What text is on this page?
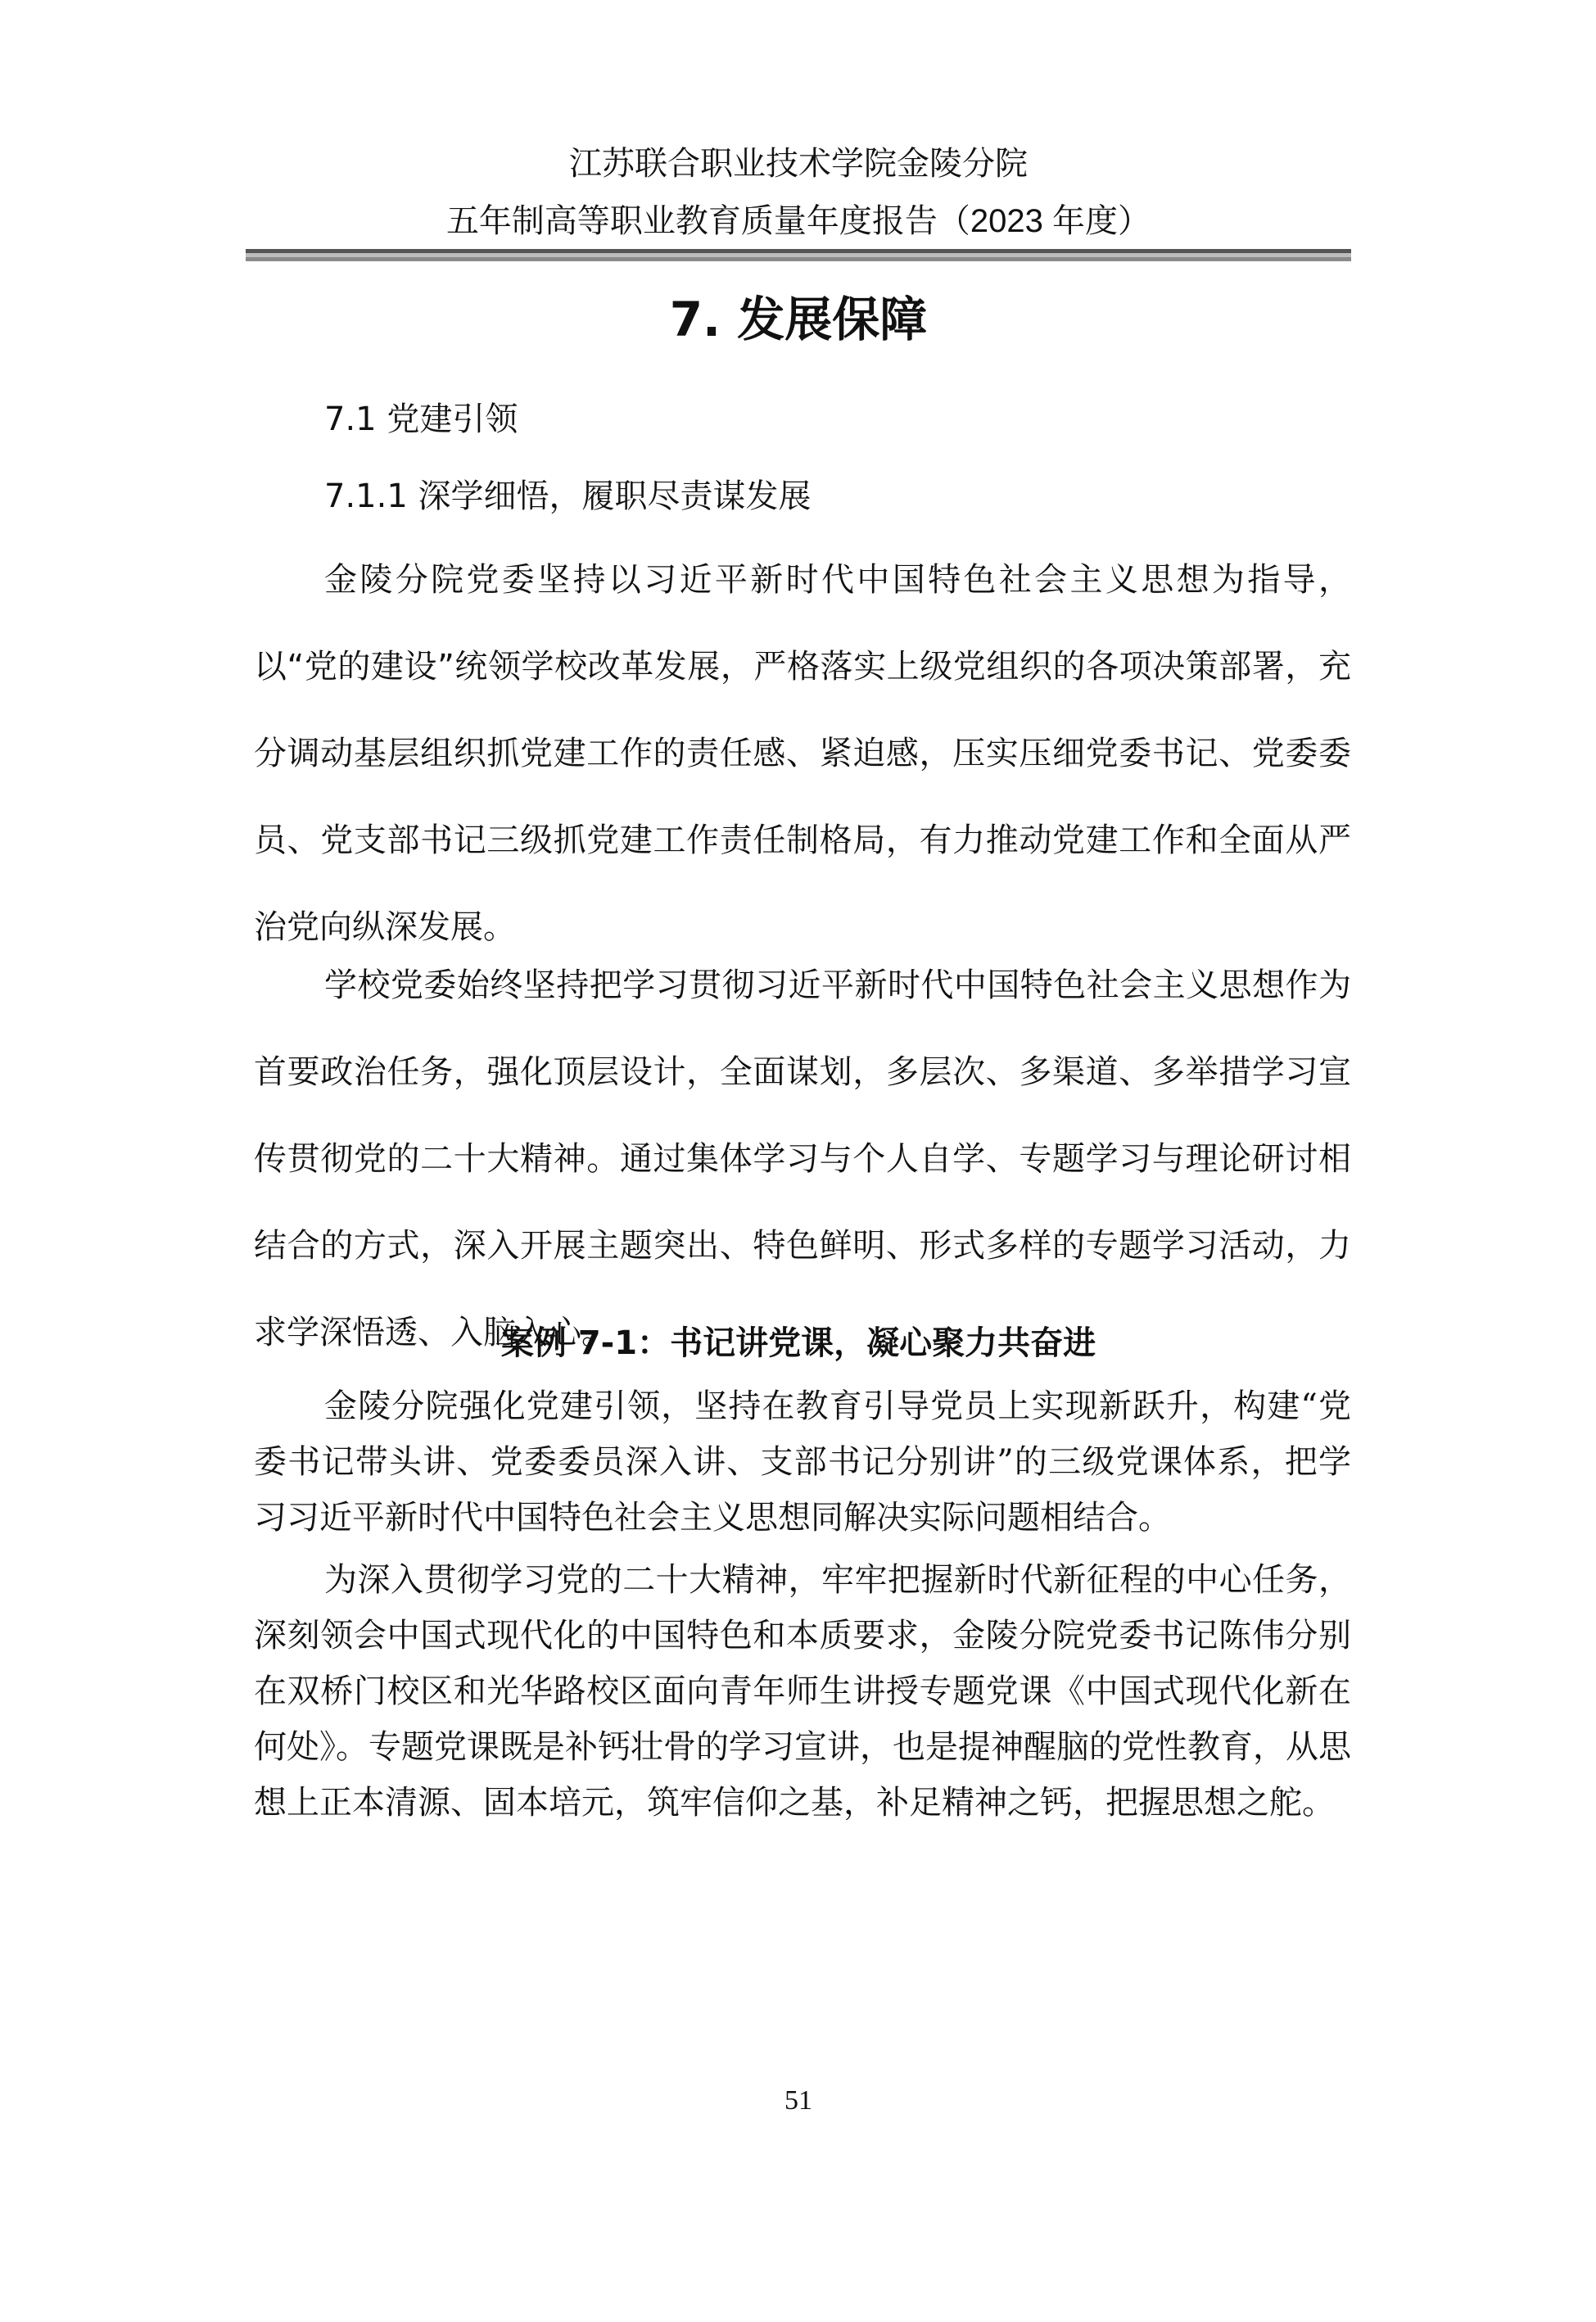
江苏联合职业技术学院金陵分院
五年制高等职业教育质量年度报告（2023 年度）
7. 发展保障
7.1 党建引领
7.1.1 深学细悟，履职尽责谋发展

金陵分院党委坚持以习近平新时代中国特色社会主义思想为指导，以“党的建设”统领学校改革发展，严格落实上级党组织的各项决策部署，充分调动基层组织抓党建工作的责任感、紧迫感，压实压细党委书记、党委委员、党支部书记三级抓党建工作责任制格局，有力推动党建工作和全面从严治党向纵深发展。

学校党委始终坚持把学习贯彻习近平新时代中国特色社会主义思想作为首要政治任务，强化顶层设计，全面谋划，多层次、多渠道、多举措学习宣传贯彻党的二十大精神。通过集体学习与个人自学、专题学习与理论研讨相结合的方式，深入开展主题突出、特色鲜明、形式多样的专题学习活动，力求学深悟透、入脑入心。

案例 7-1：书记讲党课，凝心聚力共奋进

金陵分院强化党建引领，坚持在教育引导党员上实现新跃升，构建“党委书记带头讲、党委委员深入讲、支部书记分别讲”的三级党课体系，把学习习近平新时代中国特色社会主义思想同解决实际问题相结合。

为深入贯彻学习党的二十大精神，牢牢把握新时代新征程的中心任务，深刻领会中国式现代化的中国特色和本质要求，金陵分院党委书记陈伟分别在双桥门校区和光华路校区面向青年师生讲授专题党课《中国式现代化新在何处》。专题党课既是补钙壮骨的学习宣讲，也是提神醒脑的党性教育，从思想上正本清源、固本培元，筑牢信仰之基，补足精神之钙，把握思想之舵。

51
